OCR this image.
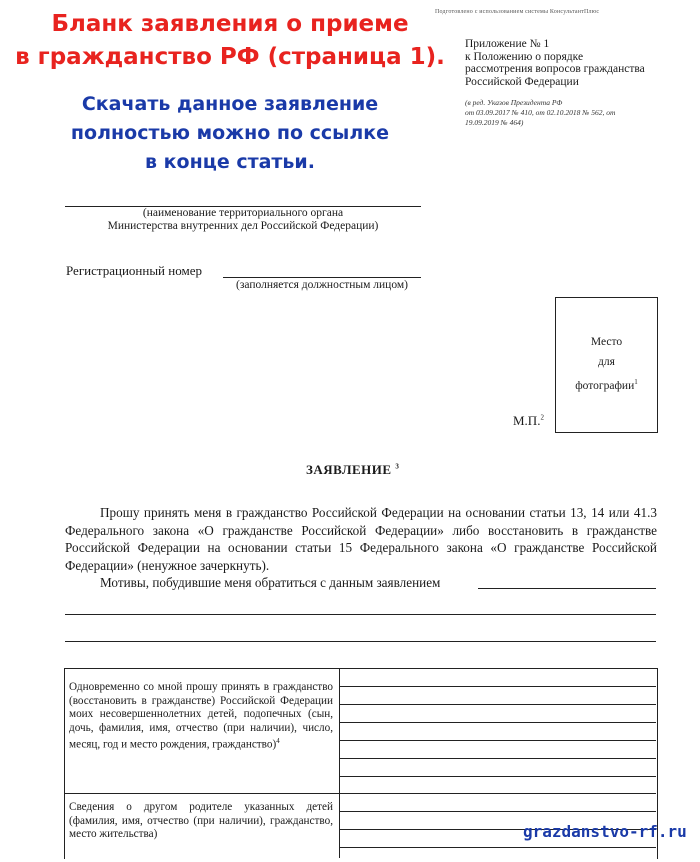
Бланк заявления о приеме
в гражданство РФ (страница 1).
Скачать данное заявление
полностью можно по ссылке
в конце статьи.
Подготовлено с использованием системы КонсультантПлюс
Приложение № 1
к Положению о порядке
рассмотрения вопросов гражданства
Российской Федерации
(в ред. Указов Президента РФ
от 03.09.2017 № 410, от 02.10.2018 № 562, от
19.09.2019 № 464)
(наименование территориального органа
Министерства внутренних дел Российской Федерации)
Регистрационный номер
(заполняется должностным лицом)
Место
для
фотографии$^1$
М.П.$^2$
ЗАЯВЛЕНИЕ $^3$
Прошу принять меня в гражданство Российской Федерации на основании статьи 13, 14 или 41.3 Федерального закона «О гражданстве Российской Федерации» либо восстановить в гражданстве Российской Федерации на основании статьи 15 Федерального закона «О гражданстве Российской Федерации» (ненужное зачеркнуть).
Мотивы, побудившие меня обратиться с данным заявлением
Одновременно со мной прошу принять в гражданство (восстановить в гражданстве) Российской Федерации моих несовершеннолетних детей, подопечных (сын, дочь, фамилия, имя, отчество (при наличии), число, месяц, год и место рождения, гражданство)$^4$
Сведения о другом родителе указанных детей (фамилия, имя, отчество (при наличии), гражданство, место жительства)	grazdanstvo-rf.ru
